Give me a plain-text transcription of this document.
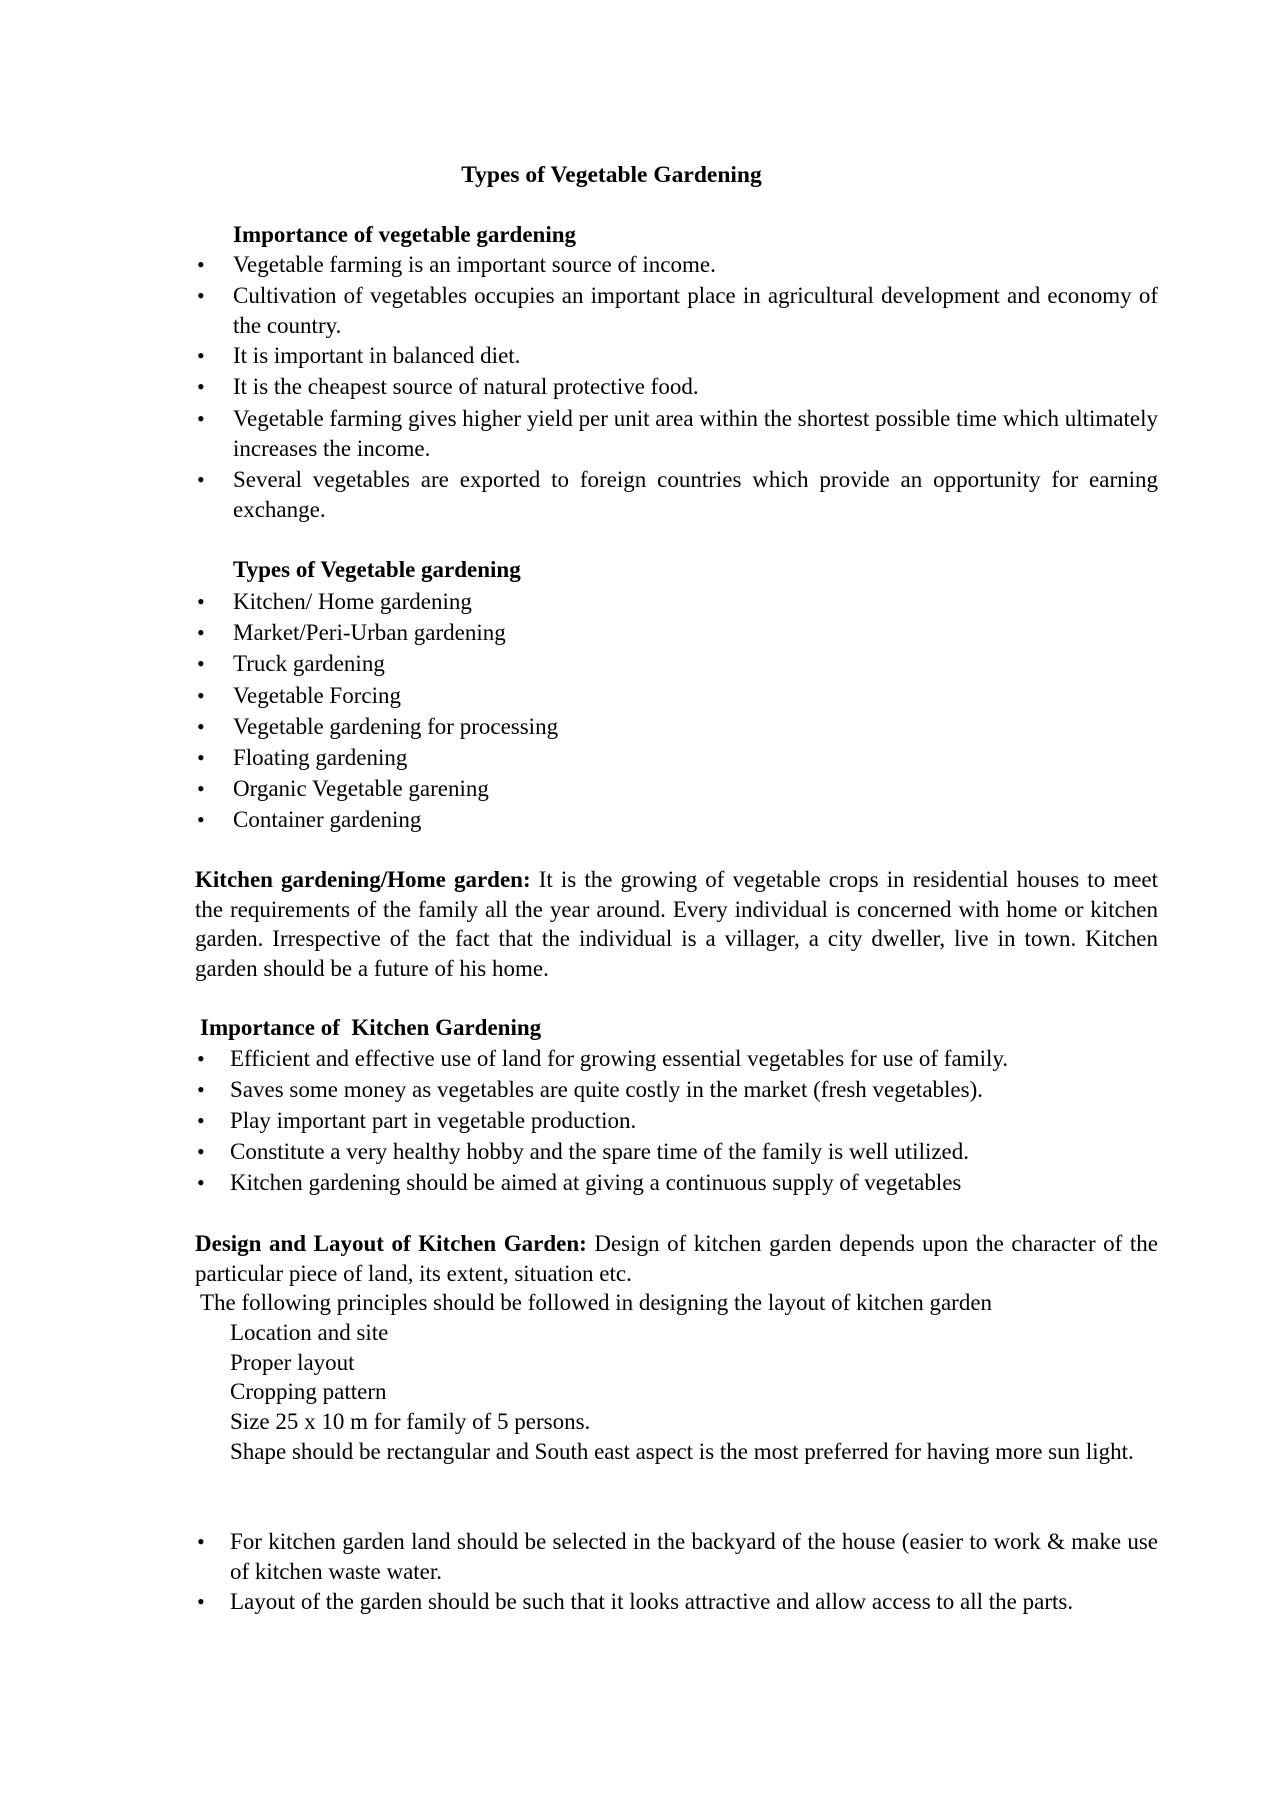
Types of Vegetable Gardening
Importance of vegetable gardening
• Vegetable farming is an important source of income.
• Cultivation of vegetables occupies an important place in agricultural development and economy of the country.
• It is important in balanced diet.
• It is the cheapest source of natural protective food.
• Vegetable farming gives higher yield per unit area within the shortest possible time which ultimately increases the income.
• Several vegetables are exported to foreign countries which provide an opportunity for earning exchange.
Types of Vegetable gardening
• Kitchen/ Home gardening
• Market/Peri-Urban gardening
• Truck gardening
• Vegetable Forcing
• Vegetable gardening for processing
• Floating gardening
• Organic Vegetable garening
• Container gardening
Kitchen gardening/Home garden: It is the growing of vegetable crops in residential houses to meet the requirements of the family all the year around. Every individual is concerned with home or kitchen garden. Irrespective of the fact that the individual is a villager, a city dweller, live in town. Kitchen garden should be a future of his home.
Importance of  Kitchen Gardening
• Efficient and effective use of land for growing essential vegetables for use of family.
• Saves some money as vegetables are quite costly in the market (fresh vegetables).
• Play important part in vegetable production.
• Constitute a very healthy hobby and the spare time of the family is well utilized.
• Kitchen gardening should be aimed at giving a continuous supply of vegetables
Design and Layout of Kitchen Garden: Design of kitchen garden depends upon the character of the particular piece of land, its extent, situation etc.
The following principles should be followed in designing the layout of kitchen garden
Location and site
Proper layout
Cropping pattern
Size 25 x 10 m for family of 5 persons.
Shape should be rectangular and South east aspect is the most preferred for having more sun light.
• For kitchen garden land should be selected in the backyard of the house (easier to work & make use of kitchen waste water.
• Layout of the garden should be such that it looks attractive and allow access to all the parts.
